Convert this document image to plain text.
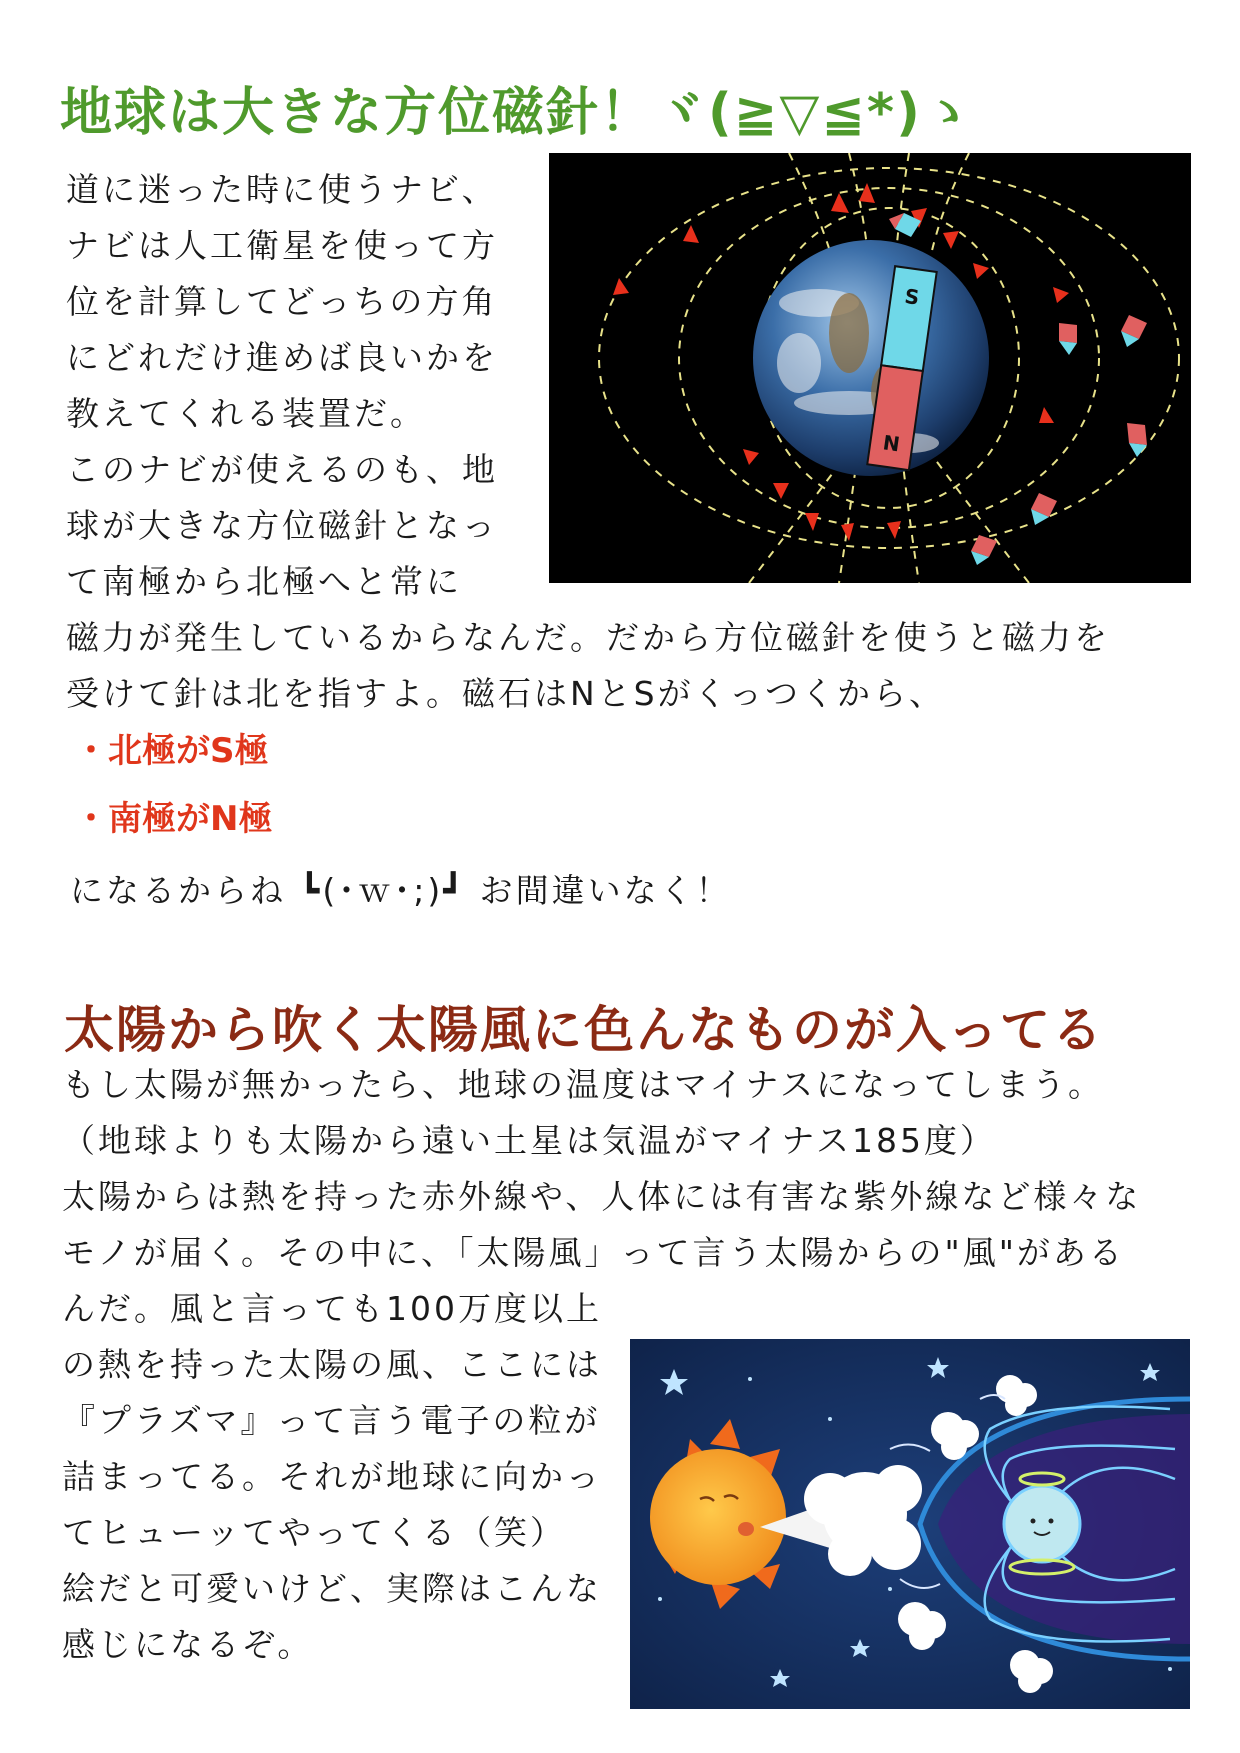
地球は大きな方位磁針！ヾ(≧▽≦*)ゝ
道に迷った時に使うナビ、
ナビは人工衛星を使って方
位を計算してどっちの方角
にどれだけ進めば良いかを
教えてくれる装置だ。
このナビが使えるのも、地
球が大きな方位磁針となっ
て南極から北極へと常に
磁力が発生しているからなんだ。だから方位磁針を使うと磁力を
受けて針は北を指すよ。磁石はNとSがくっつくから、
・北極がS極
・南極がN極
になるからね ┗(･ｗ･;)┛ お間違いなく！
S
N
太陽から吹く太陽風に色んなものが入ってる
もし太陽が無かったら、地球の温度はマイナスになってしまう。
（地球よりも太陽から遠い土星は気温がマイナス185度）
太陽からは熱を持った赤外線や、人体には有害な紫外線など様々な
モノが届く。その中に、「太陽風」って言う太陽からの"風"がある
んだ。風と言っても100万度以上
の熱を持った太陽の風、ここには
『プラズマ』って言う電子の粒が
詰まってる。それが地球に向かっ
てヒューッてやってくる（笑）
絵だと可愛いけど、実際はこんな
感じになるぞ。
